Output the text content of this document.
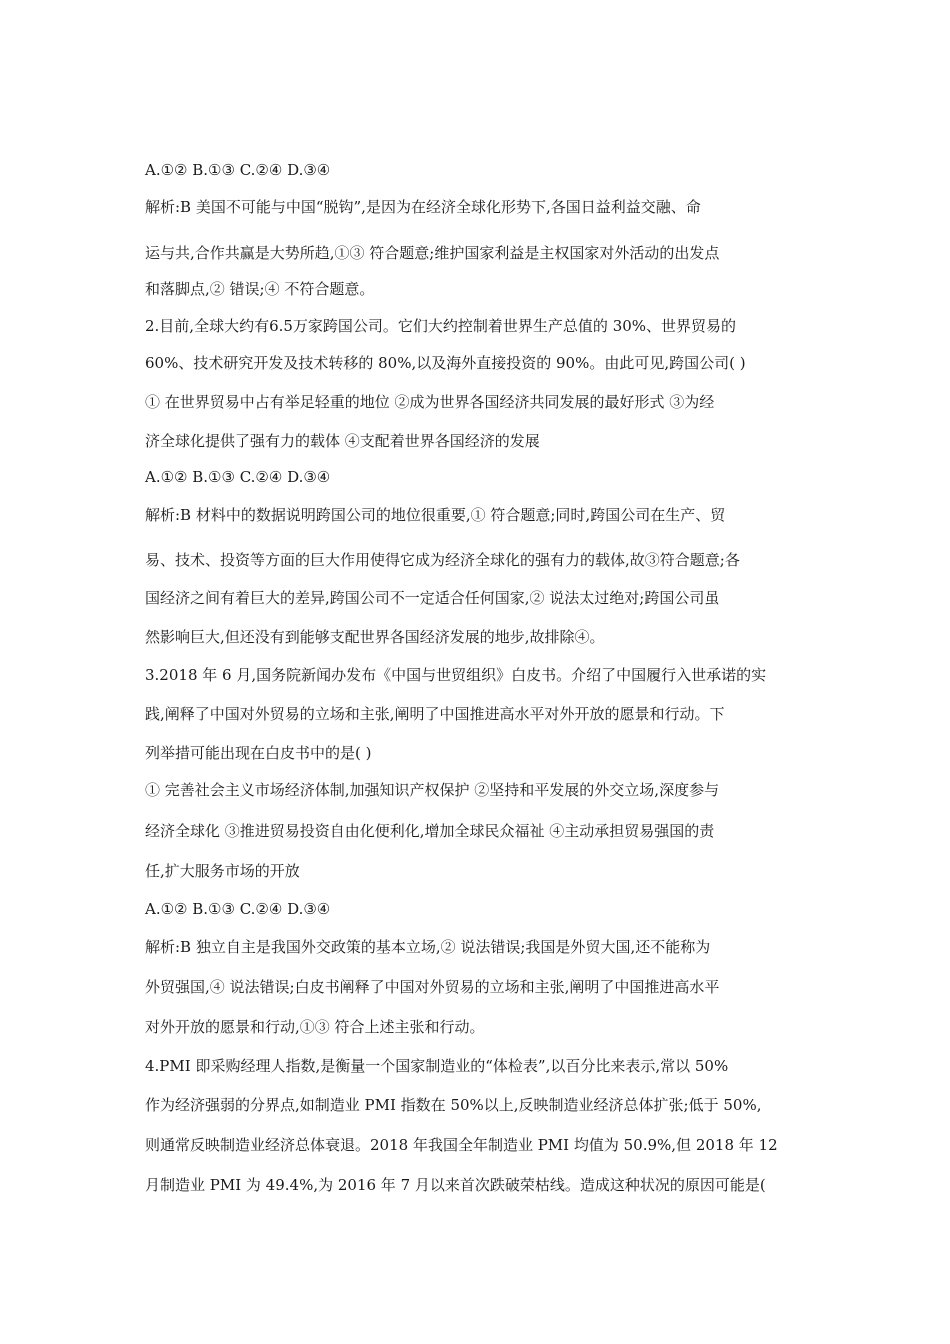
A.①② B.①③ C.②④ D.③④
解析:B 美国不可能与中国“脱钩”,是因为在经济全球化形势下,各国日益利益交融、命
运与共,合作共赢是大势所趋,①③ 符合题意;维护国家利益是主权国家对外活动的出发点
和落脚点,② 错误;④ 不符合题意。
2.目前,全球大约有6.5万家跨国公司。它们大约控制着世界生产总值的 30%、世界贸易的
60%、技术研究开发及技术转移的 80%,以及海外直接投资的 90%。由此可见,跨国公司( )
① 在世界贸易中占有举足轻重的地位 ②成为世界各国经济共同发展的最好形式 ③为经
济全球化提供了强有力的载体 ④支配着世界各国经济的发展
A.①② B.①③ C.②④ D.③④
解析:B 材料中的数据说明跨国公司的地位很重要,① 符合题意;同时,跨国公司在生产、贸
易、技术、投资等方面的巨大作用使得它成为经济全球化的强有力的载体,故③符合题意;各
国经济之间有着巨大的差异,跨国公司不一定适合任何国家,② 说法太过绝对;跨国公司虽
然影响巨大,但还没有到能够支配世界各国经济发展的地步,故排除④。
3.2018 年 6 月,国务院新闻办发布《中国与世贸组织》白皮书。介绍了中国履行入世承诺的实
践,阐释了中国对外贸易的立场和主张,阐明了中国推进高水平对外开放的愿景和行动。下
列举措可能出现在白皮书中的是( )
① 完善社会主义市场经济体制,加强知识产权保护 ②坚持和平发展的外交立场,深度参与
经济全球化 ③推进贸易投资自由化便利化,增加全球民众福祉 ④主动承担贸易强国的责
任,扩大服务市场的开放
A.①② B.①③ C.②④ D.③④
解析:B 独立自主是我国外交政策的基本立场,② 说法错误;我国是外贸大国,还不能称为
外贸强国,④ 说法错误;白皮书阐释了中国对外贸易的立场和主张,阐明了中国推进高水平
对外开放的愿景和行动,①③ 符合上述主张和行动。
4.PMI 即采购经理人指数,是衡量一个国家制造业的“体检表”,以百分比来表示,常以 50%
作为经济强弱的分界点,如制造业 PMI 指数在 50%以上,反映制造业经济总体扩张;低于 50%,
则通常反映制造业经济总体衰退。2018 年我国全年制造业 PMI 均值为 50.9%,但 2018 年 12
月制造业 PMI 为 49.4%,为 2016 年 7 月以来首次跌破荣枯线。造成这种状况的原因可能是(
